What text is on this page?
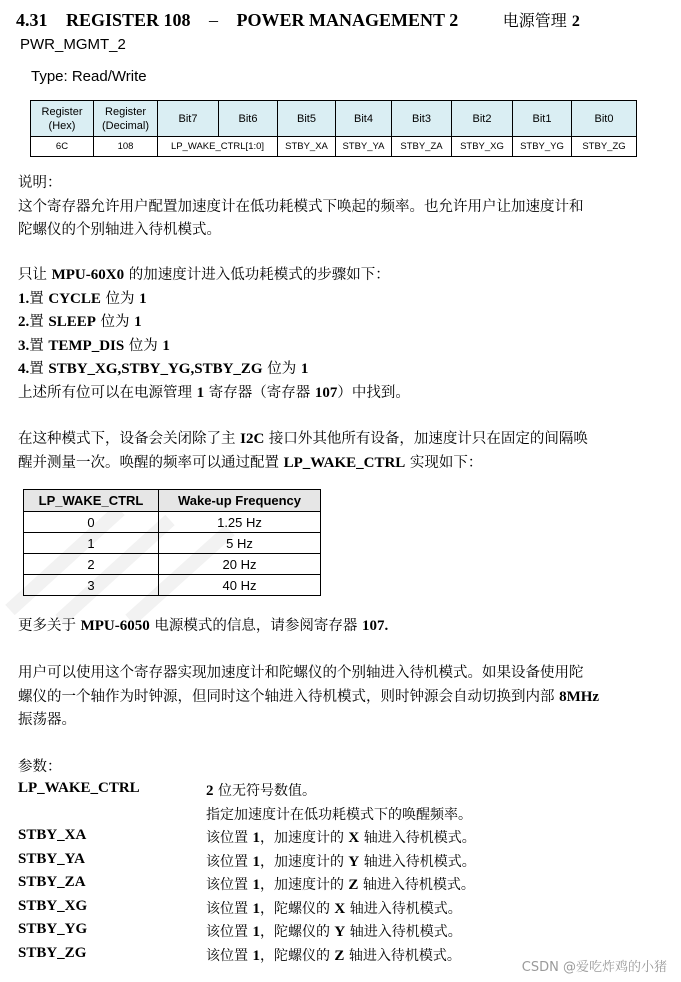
4.31 REGISTER 108 – POWER MANAGEMENT 2	电源管理 2
PWR_MGMT_2
Type: Read/Write
Register (Hex)	Register (Decimal)	Bit7	Bit6	Bit5	Bit4	Bit3	Bit2	Bit1	Bit0
6C	108	LP_WAKE_CTRL[1:0]		STBY_XA	STBY_YA	STBY_ZA	STBY_XG	STBY_YG	STBY_ZG
说明：
这个寄存器允许用户配置加速度计在低功耗模式下唤起的频率。也允许用户让加速度计和
陀螺仪的个别轴进入待机模式。
只让 MPU-60X0 的加速度计进入低功耗模式的步骤如下：
1.置 CYCLE 位为 1
2.置 SLEEP 位为 1
3.置 TEMP_DIS 位为 1
4.置 STBY_XG,STBY_YG,STBY_ZG 位为 1
上述所有位可以在电源管理 1 寄存器（寄存器 107）中找到。
在这种模式下，设备会关闭除了主 I2C 接口外其他所有设备，加速度计只在固定的间隔唤
醒并测量一次。唤醒的频率可以通过配置 LP_WAKE_CTRL 实现如下：
LP_WAKE_CTRL	Wake-up Frequency
0	1.25 Hz
1	5 Hz
2	20 Hz
3	40 Hz
更多关于 MPU-6050 电源模式的信息，请参阅寄存器 107.
用户可以使用这个寄存器实现加速度计和陀螺仪的个别轴进入待机模式。如果设备使用陀
螺仪的一个轴作为时钟源，但同时这个轴进入待机模式，则时钟源会自动切换到内部 8MHz
振荡器。
参数：
LP_WAKE_CTRL	2 位无符号数值。
指定加速度计在低功耗模式下的唤醒频率。
STBY_XA	该位置 1，加速度计的 X 轴进入待机模式。
STBY_YA	该位置 1，加速度计的 Y 轴进入待机模式。
STBY_ZA	该位置 1，加速度计的 Z 轴进入待机模式。
STBY_XG	该位置 1，陀螺仪的 X 轴进入待机模式。
STBY_YG	该位置 1，陀螺仪的 Y 轴进入待机模式。
STBY_ZG	该位置 1，陀螺仪的 Z 轴进入待机模式。
CSDN @爱吃炸鸡的小猪
